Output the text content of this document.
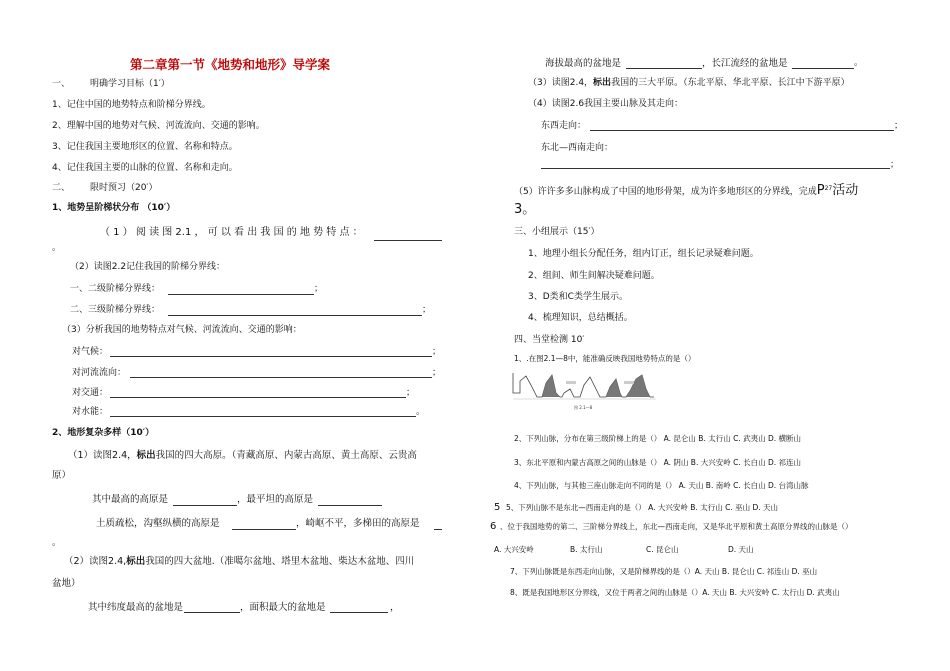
第二章第一节《地势和地形》导学案
一、 明确学习目标（1′）
1、记住中国的地势特点和阶梯分界线。
2、理解中国的地势对气候、河流流向、交通的影响。
3、记住我国主要地形区的位置、名称和特点。
4、记住我国主要的山脉的位置、名称和走向。
二、 限时预习（20′）
1、地势呈阶梯状分布 （10′）
（ 1 ） 阅 读 图 2.1 ， 可 以 看 出 我 国 的 地 势 特 点 ：
。
（2）读图2.2记住我国的阶梯分界线：
一、二级阶梯分界线：	；
二、三级阶梯分界线：	；
（3）分析我国的地势特点对气候、河流流向、交通的影响：
对气候：	；
对河流流向：	；
对交通：	；
对水能：	。
2、地形复杂多样（10′）
（1）读图2.4，标出我国的四大高原。（青藏高原、内蒙古高原、黄土高原、云贵高
原）
其中最高的高原是	，最平坦的高原是
土质疏松，沟壑纵横的高原是	，崎岖不平，多梯田的高原是
。
（2）读图2.4,标出我国的四大盆地.（准噶尔盆地、塔里木盆地、柴达木盆地、四川
盆地）
其中纬度最高的盆地是	，面积最大的盆地是	，
海拔最高的盆地是	，长江流经的盆地是	。
（3）读图2.4，标出我国的三大平原。（东北平原、华北平原、长江中下游平原）
（4）读图2.6我国主要山脉及其走向：
东西走向：	；
东北—西南走向：
；
（5）许许多多山脉构成了中国的地形骨架，成为许多地形区的分界线，完成$P^{27}$活动
3。
三、小组展示（15′）
1、地理小组长分配任务，组内订正，组长记录疑难问题。
2、组间、师生间解决疑难问题。
3、D类和C类学生展示。
4、梳理知识，总结概括。
四、当堂检测 10′
1、.在图2.1—8中，能准确反映我国地势特点的是（）
图 2.1—8
2、下列山脉，分布在第三级阶梯上的是（） A. 昆仑山 B. 太行山 C. 武夷山 D. 横断山
3、东北平原和内蒙古高原之间的山脉是（） A. 阴山 B. 大兴安岭 C. 长白山 D. 祁连山
4、下列山脉，与其他三座山脉走向不同的是（） A. 天山 B. 南岭 C. 长白山 D. 台湾山脉
5 5、下列山脉不是东北—西南走向的是（） A. 大兴安岭 B. 太行山 C. 巫山 D. 天山
6 、位于我国地势的第二、三阶梯分界线上，东北—西南走向，又是华北平原和黄土高原分界线的山脉是（）
A. 大兴安岭	B. 太行山	C. 昆仑山	D. 天山
7、下列山脉既是东西走向山脉，又是阶梯界线的是（）A. 天山 B. 昆仑山 C. 祁连山 D. 巫山
8、既是我国地形区分界线，又位于两者之间的山脉是（）A. 天山 B. 大兴安岭 C. 太行山 D. 武夷山
